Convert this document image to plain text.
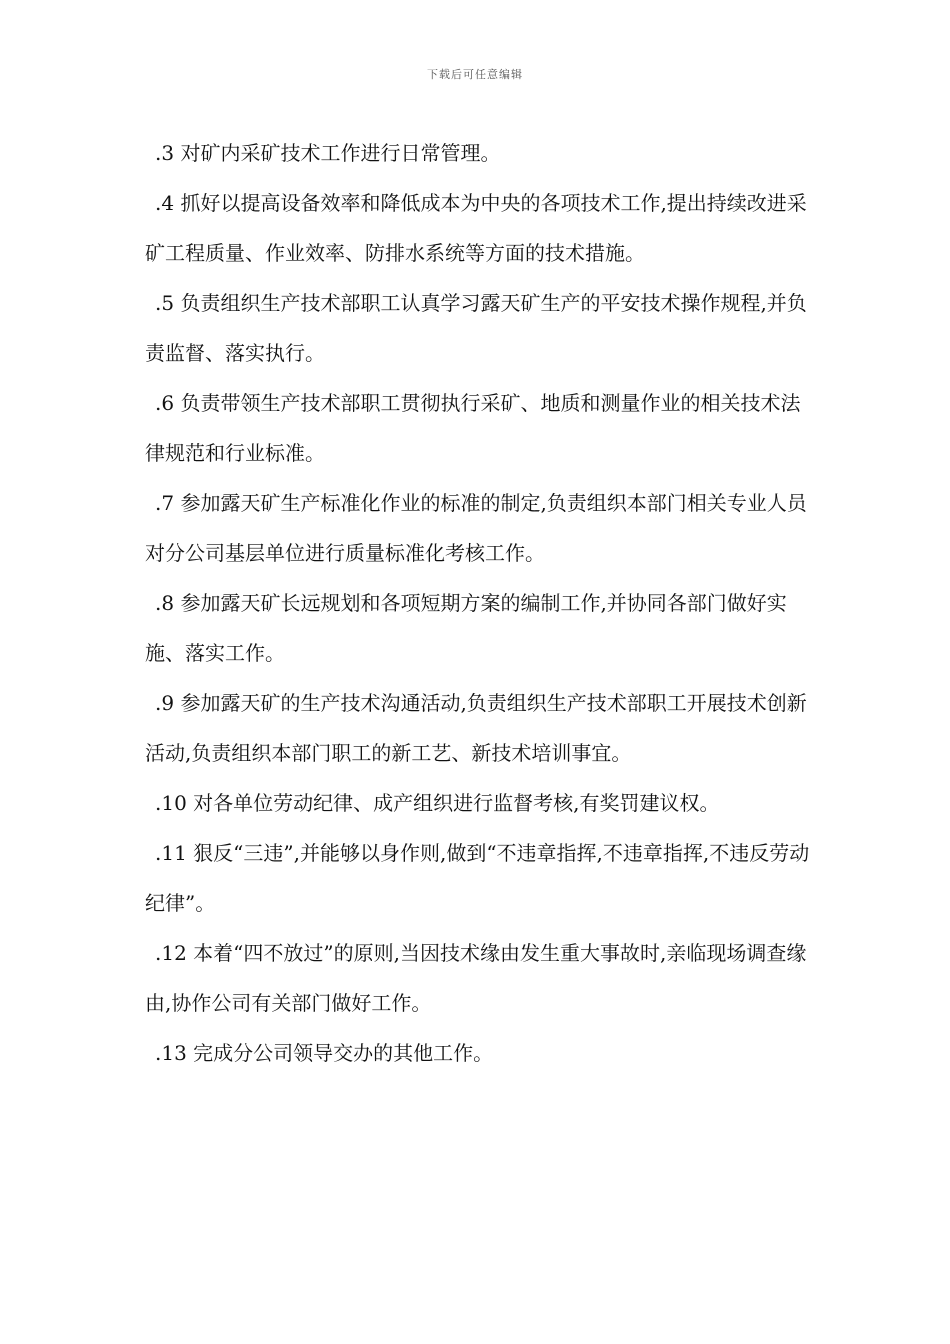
下载后可任意编辑

.3 对矿内采矿技术工作进行日常管理。

.4 抓好以提高设备效率和降低成本为中央的各项技术工作,提出持续改进采矿工程质量、作业效率、防排水系统等方面的技术措施。

.5 负责组织生产技术部职工认真学习露天矿生产的平安技术操作规程,并负责监督、落实执行。

.6 负责带领生产技术部职工贯彻执行采矿、地质和测量作业的相关技术法律规范和行业标准。

.7 参加露天矿生产标准化作业的标准的制定,负责组织本部门相关专业人员对分公司基层单位进行质量标准化考核工作。

.8 参加露天矿长远规划和各项短期方案的编制工作,并协同各部门做好实施、落实工作。

.9 参加露天矿的生产技术沟通活动,负责组织生产技术部职工开展技术创新活动,负责组织本部门职工的新工艺、新技术培训事宜。

.10 对各单位劳动纪律、成产组织进行监督考核,有奖罚建议权。

.11 狠反“三违”,并能够以身作则,做到“不违章指挥,不违章指挥,不违反劳动纪律”。

.12 本着“四不放过”的原则,当因技术缘由发生重大事故时,亲临现场调查缘由,协作公司有关部门做好工作。

.13 完成分公司领导交办的其他工作。
